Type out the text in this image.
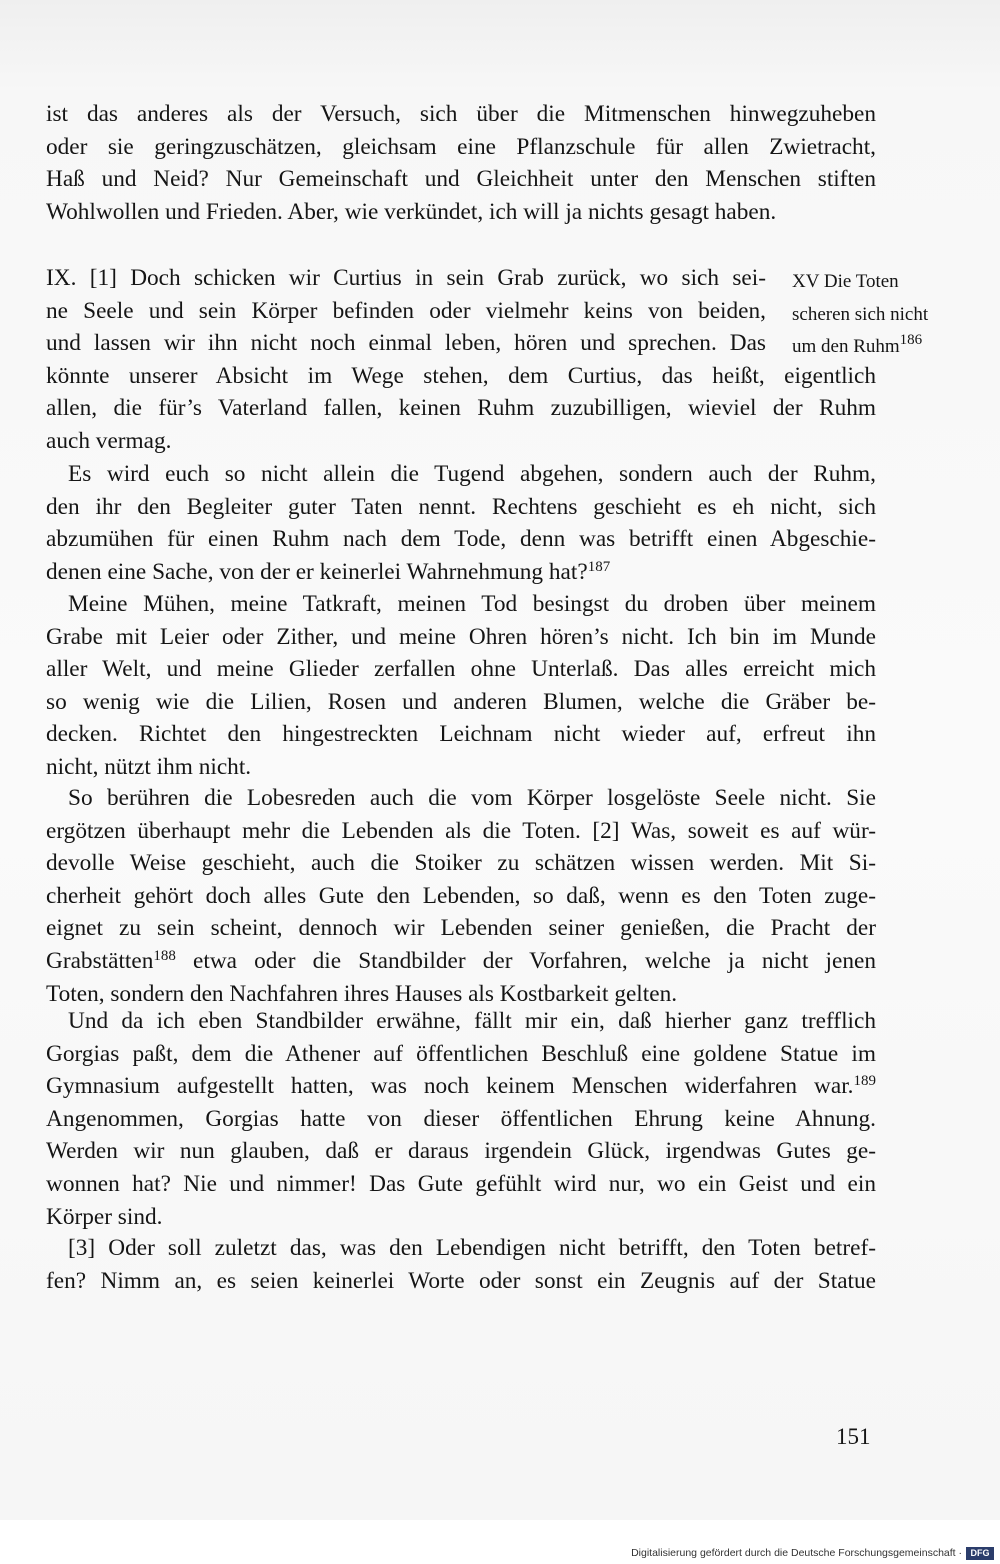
ist das anderes als der Versuch, sich über die Mitmenschen hinwegzuheben
oder sie geringzuschätzen, gleichsam eine Pflanzschule für allen Zwietracht,
Haß und Neid? Nur Gemeinschaft und Gleichheit unter den Menschen stiften
Wohlwollen und Frieden. Aber, wie verkündet, ich will ja nichts gesagt haben.
IX. [1] Doch schicken wir Curtius in sein Grab zurück, wo sich sei-
ne Seele und sein Körper befinden oder vielmehr keins von beiden,
und lassen wir ihn nicht noch einmal leben, hören und sprechen. Das
könnte unserer Absicht im Wege stehen, dem Curtius, das heißt, eigentlich
allen, die für’s Vaterland fallen, keinen Ruhm zuzubilligen, wieviel der Ruhm
auch vermag.
XV Die Toten
scheren sich nicht
um den Ruhm$^{186}$
Es wird euch so nicht allein die Tugend abgehen, sondern auch der Ruhm,
den ihr den Begleiter guter Taten nennt. Rechtens geschieht es eh nicht, sich
abzumühen für einen Ruhm nach dem Tode, denn was betrifft einen Abgeschie-
denen eine Sache, von der er keinerlei Wahrnehmung hat?$^{187}$
Meine Mühen, meine Tatkraft, meinen Tod besingst du droben über meinem
Grabe mit Leier oder Zither, und meine Ohren hören’s nicht. Ich bin im Munde
aller Welt, und meine Glieder zerfallen ohne Unterlaß. Das alles erreicht mich
so wenig wie die Lilien, Rosen und anderen Blumen, welche die Gräber be-
decken. Richtet den hingestreckten Leichnam nicht wieder auf, erfreut ihn
nicht, nützt ihm nicht.
So berühren die Lobesreden auch die vom Körper losgelöste Seele nicht. Sie
ergötzen überhaupt mehr die Lebenden als die Toten. [2] Was, soweit es auf wür-
devolle Weise geschieht, auch die Stoiker zu schätzen wissen werden. Mit Si-
cherheit gehört doch alles Gute den Lebenden, so daß, wenn es den Toten zuge-
eignet zu sein scheint, dennoch wir Lebenden seiner genießen, die Pracht der
Grabstätten$^{188}$ etwa oder die Standbilder der Vorfahren, welche ja nicht jenen
Toten, sondern den Nachfahren ihres Hauses als Kostbarkeit gelten.
Und da ich eben Standbilder erwähne, fällt mir ein, daß hierher ganz trefflich
Gorgias paßt, dem die Athener auf öffentlichen Beschluß eine goldene Statue im
Gymnasium aufgestellt hatten, was noch keinem Menschen widerfahren war.$^{189}$
Angenommen, Gorgias hatte von dieser öffentlichen Ehrung keine Ahnung.
Werden wir nun glauben, daß er daraus irgendein Glück, irgendwas Gutes ge-
wonnen hat? Nie und nimmer! Das Gute gefühlt wird nur, wo ein Geist und ein
Körper sind.
[3] Oder soll zuletzt das, was den Lebendigen nicht betrifft, den Toten betref-
fen? Nimm an, es seien keinerlei Worte oder sonst ein Zeugnis auf der Statue
151
Digitalisierung gefördert durch die Deutsche Forschungsgemeinschaft · DFG
